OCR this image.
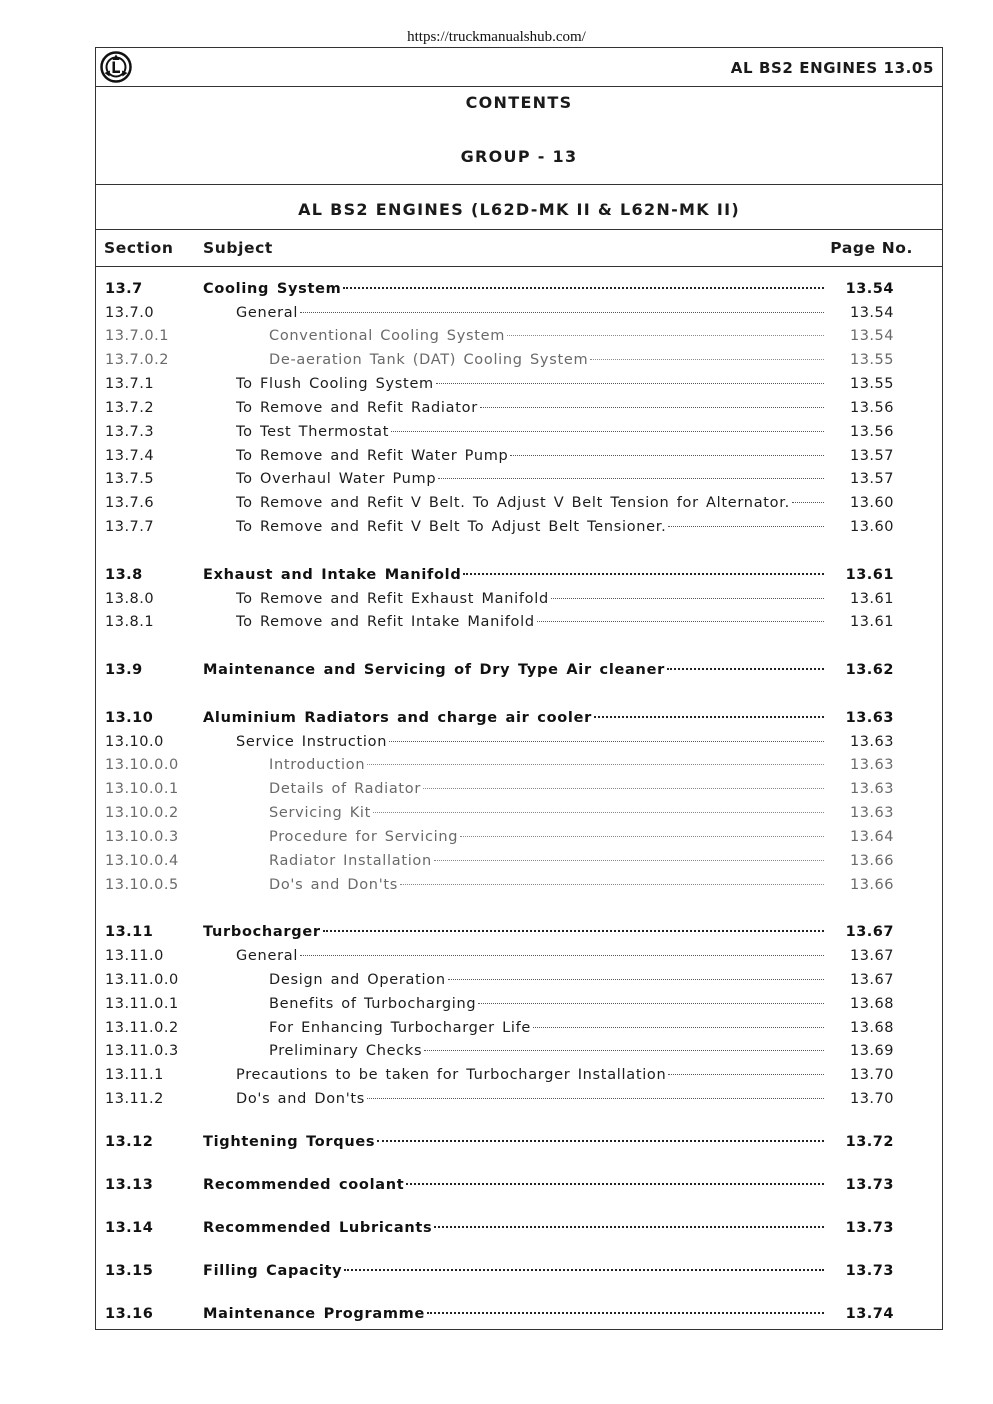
https://truckmanualshub.com/
AL BS2 ENGINES 13.05
CONTENTS
GROUP - 13
AL BS2 ENGINES (L62D-MK II & L62N-MK II)
Section Subject	Page No.
13.7	Cooling System	13.54
13.7.0	General	13.54
13.7.0.1	Conventional Cooling System	13.54
13.7.0.2	De-aeration Tank (DAT) Cooling System	13.55
13.7.1	To Flush Cooling System	13.55
13.7.2	To Remove and Refit Radiator	13.56
13.7.3	To Test Thermostat	13.56
13.7.4	To Remove and Refit Water Pump	13.57
13.7.5	To Overhaul Water Pump	13.57
13.7.6	To Remove and Refit V Belt. To Adjust V Belt Tension for Alternator.	13.60
13.7.7	To Remove and Refit V Belt To Adjust Belt Tensioner.	13.60
13.8	Exhaust and Intake Manifold	13.61
13.8.0	To Remove and Refit Exhaust Manifold	13.61
13.8.1	To Remove and Refit Intake Manifold	13.61
13.9	Maintenance and Servicing of Dry Type Air cleaner	13.62
13.10	Aluminium Radiators and charge air cooler	13.63
13.10.0	Service Instruction	13.63
13.10.0.0	Introduction	13.63
13.10.0.1	Details of Radiator	13.63
13.10.0.2	Servicing Kit	13.63
13.10.0.3	Procedure for Servicing	13.64
13.10.0.4	Radiator Installation	13.66
13.10.0.5	Do's and Don'ts	13.66
13.11	Turbocharger	13.67
13.11.0	General	13.67
13.11.0.0	Design and Operation	13.67
13.11.0.1	Benefits of Turbocharging	13.68
13.11.0.2	For Enhancing Turbocharger Life	13.68
13.11.0.3	Preliminary Checks	13.69
13.11.1	Precautions to be taken for Turbocharger Installation	13.70
13.11.2	Do's and Don'ts	13.70
13.12	Tightening Torques	13.72
13.13	Recommended coolant	13.73
13.14	Recommended Lubricants	13.73
13.15	Filling Capacity	13.73
13.16	Maintenance Programme	13.74
